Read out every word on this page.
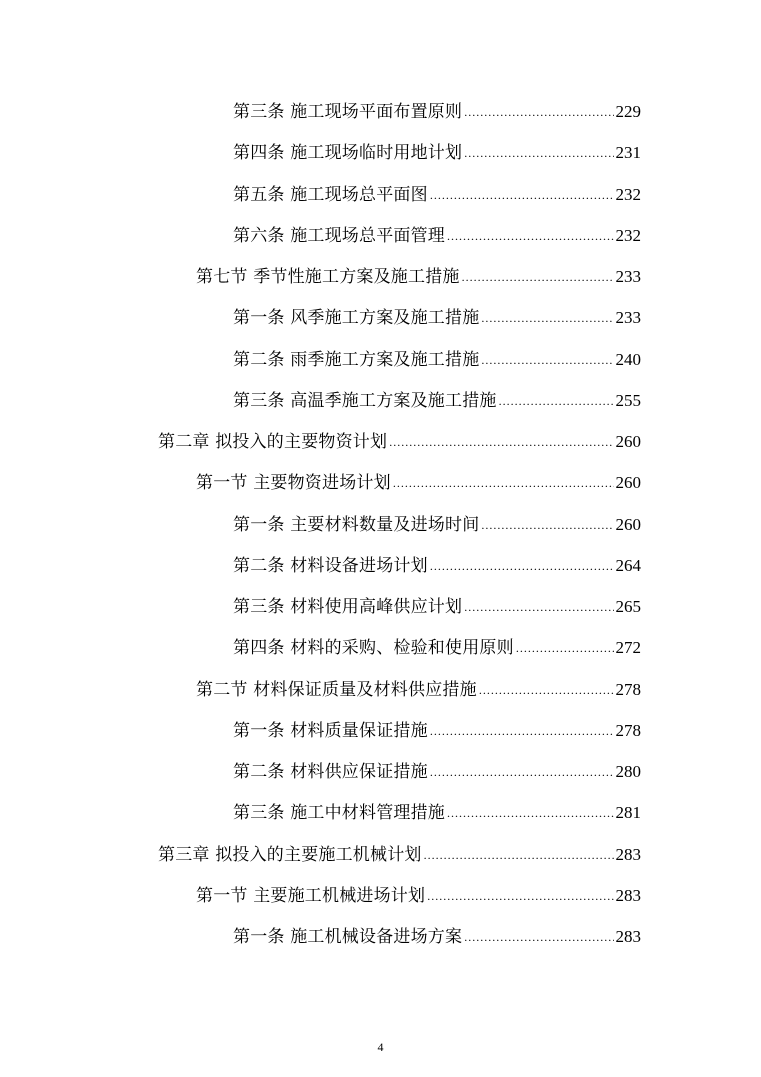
第三条 施工现场平面布置原则 .....	229
第四条 施工现场临时用地计划 .....	231
第五条 施工现场总平面图 .....	232
第六条 施工现场总平面管理 .....	232
第七节 季节性施工方案及施工措施 .....	233
第一条 风季施工方案及施工措施 .....	233
第二条 雨季施工方案及施工措施 .....	240
第三条 高温季施工方案及施工措施 .....	255
第二章 拟投入的主要物资计划 .....	260
第一节 主要物资进场计划 .....	260
第一条 主要材料数量及进场时间 .....	260
第二条 材料设备进场计划 .....	264
第三条 材料使用高峰供应计划 .....	265
第四条 材料的采购、检验和使用原则 .....	272
第二节 材料保证质量及材料供应措施 .....	278
第一条 材料质量保证措施 .....	278
第二条 材料供应保证措施 .....	280
第三条 施工中材料管理措施 .....	281
第三章 拟投入的主要施工机械计划 .....	283
第一节 主要施工机械进场计划 .....	283
第一条 施工机械设备进场方案 .....	283
4
